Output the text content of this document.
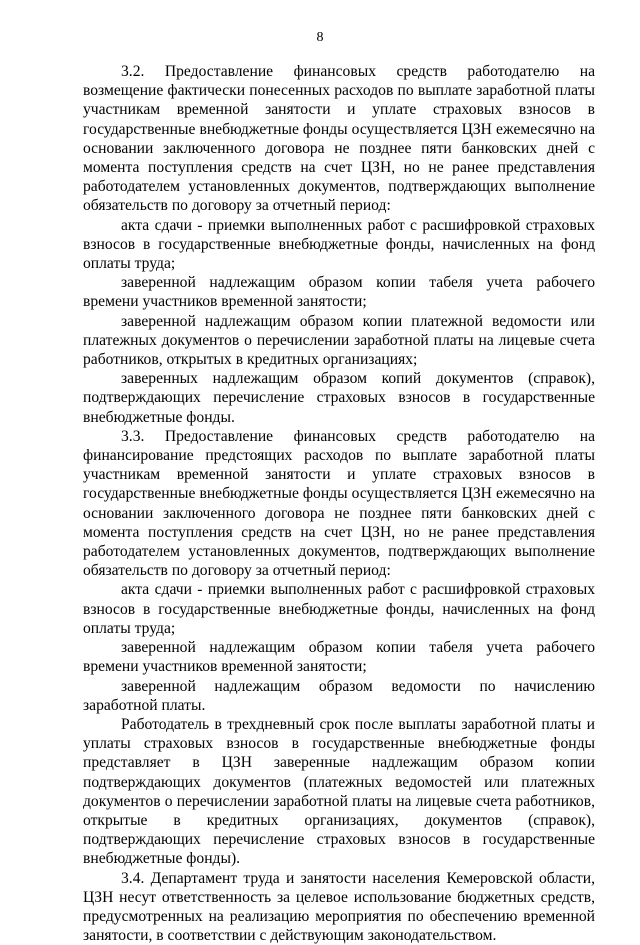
8

3.2. Предоставление финансовых средств работодателю на возмещение фактически понесенных расходов по выплате заработной платы участникам временной занятости и уплате страховых взносов в государственные внебюджетные фонды осуществляется ЦЗН ежемесячно на основании заключенного договора не позднее пяти банковских дней с момента поступления средств на счет ЦЗН, но не ранее представления работодателем установленных документов, подтверждающих выполнение обязательств по договору за отчетный период:

акта сдачи - приемки выполненных работ с расшифровкой страховых взносов в государственные внебюджетные фонды, начисленных на фонд оплаты труда;

заверенной надлежащим образом копии табеля учета рабочего времени участников временной занятости;

заверенной надлежащим образом копии платежной ведомости или платежных документов о перечислении заработной платы на лицевые счета работников, открытых в кредитных организациях;

заверенных надлежащим образом копий документов (справок), подтверждающих перечисление страховых взносов в государственные внебюджетные фонды.

3.3. Предоставление финансовых средств работодателю на финансирование предстоящих расходов по выплате заработной платы участникам временной занятости и уплате страховых взносов в государственные внебюджетные фонды осуществляется ЦЗН ежемесячно на основании заключенного договора не позднее пяти банковских дней с момента поступления средств на счет ЦЗН, но не ранее представления работодателем установленных документов, подтверждающих выполнение обязательств по договору за отчетный период:

акта сдачи - приемки выполненных работ с расшифровкой страховых взносов в государственные внебюджетные фонды, начисленных на фонд оплаты труда;

заверенной надлежащим образом копии табеля учета рабочего времени участников временной занятости;

заверенной надлежащим образом ведомости по начислению заработной платы.

Работодатель в трехдневный срок после выплаты заработной платы и уплаты страховых взносов в государственные внебюджетные фонды представляет в ЦЗН заверенные надлежащим образом копии подтверждающих документов (платежных ведомостей или платежных документов о перечислении заработной платы на лицевые счета работников, открытые в кредитных организациях, документов (справок), подтверждающих перечисление страховых взносов в государственные внебюджетные фонды).

3.4. Департамент труда и занятости населения Кемеровской области, ЦЗН несут ответственность за целевое использование бюджетных средств, предусмотренных на реализацию мероприятия по обеспечению временной занятости, в соответствии с действующим законодательством.
